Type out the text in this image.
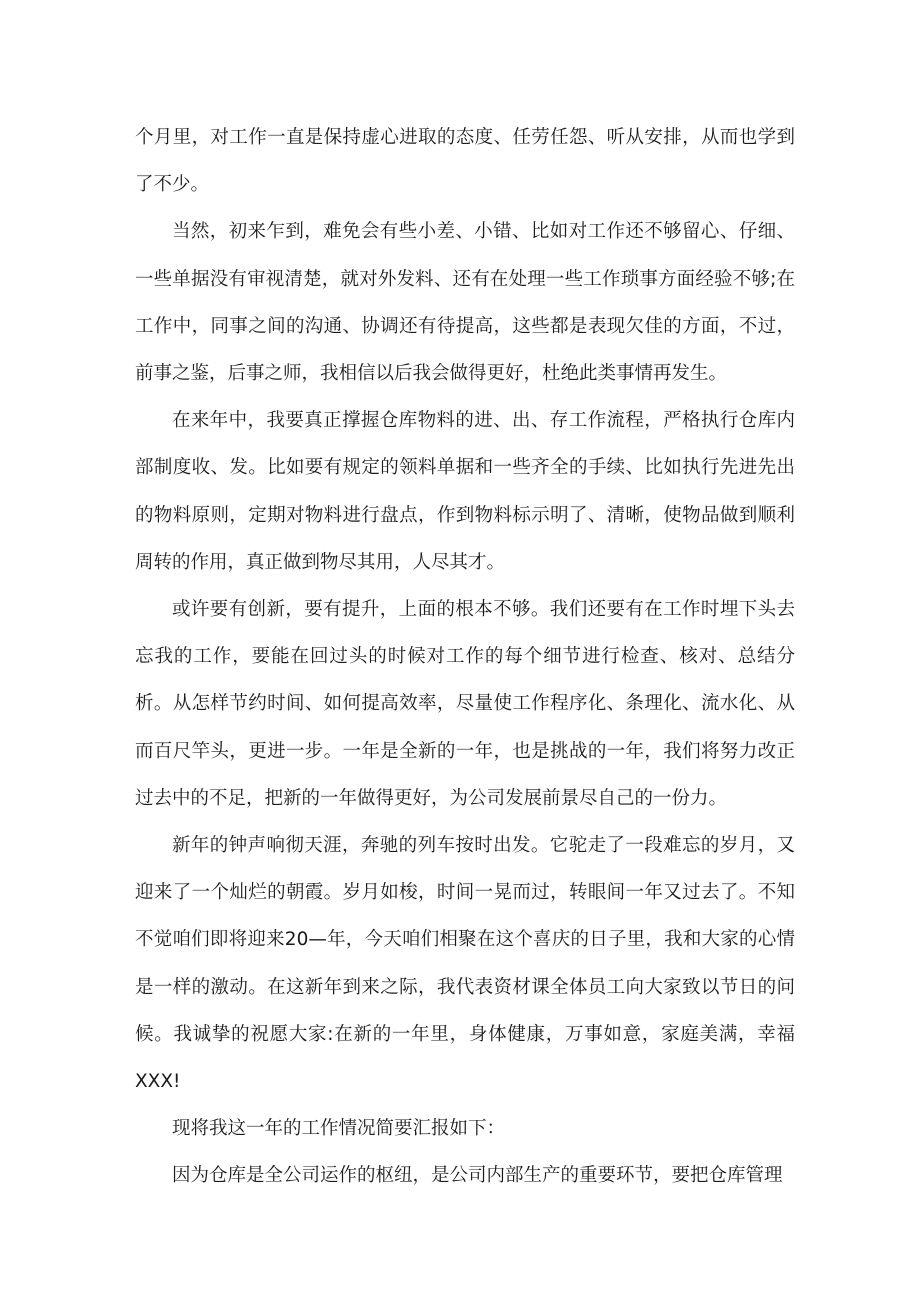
个月里，对工作一直是保持虚心进取的态度、任劳任怨、听从安排，从而也学到了不少。

当然，初来乍到，难免会有些小差、小错、比如对工作还不够留心、仔细、一些单据没有审视清楚，就对外发料、还有在处理一些工作琐事方面经验不够;在工作中，同事之间的沟通、协调还有待提高，这些都是表现欠佳的方面，不过，前事之鉴，后事之师，我相信以后我会做得更好，杜绝此类事情再发生。

在来年中，我要真正撑握仓库物料的进、出、存工作流程，严格执行仓库内部制度收、发。比如要有规定的领料单据和一些齐全的手续、比如执行先进先出的物料原则，定期对物料进行盘点，作到物料标示明了、清晰，使物品做到顺利周转的作用，真正做到物尽其用，人尽其才。

或许要有创新，要有提升，上面的根本不够。我们还要有在工作时埋下头去忘我的工作，要能在回过头的时候对工作的每个细节进行检查、核对、总结分析。从怎样节约时间、如何提高效率，尽量使工作程序化、条理化、流水化、从而百尺竿头，更进一步。一年是全新的一年，也是挑战的一年，我们将努力改正过去中的不足，把新的一年做得更好，为公司发展前景尽自己的一份力。

新年的钟声响彻天涯，奔驰的列车按时出发。它驼走了一段难忘的岁月，又迎来了一个灿烂的朝霞。岁月如梭，时间一晃而过，转眼间一年又过去了。不知不觉咱们即将迎来20—年，今天咱们相聚在这个喜庆的日子里，我和大家的心情是一样的激动。在这新年到来之际，我代表资材课全体员工向大家致以节日的问候。我诚挚的祝愿大家:在新的一年里，身体健康，万事如意，家庭美满，幸福XXX!

现将我这一年的工作情况简要汇报如下：

因为仓库是全公司运作的枢纽，是公司内部生产的重要环节，要把仓库管理
